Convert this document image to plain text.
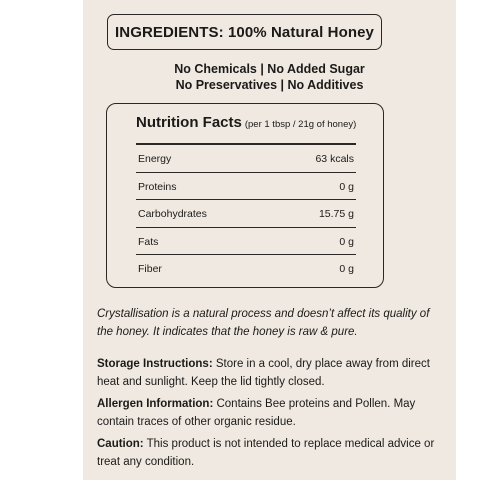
INGREDIENTS: 100% Natural Honey
No Chemicals | No Added Sugar
No Preservatives | No Additives
Nutrition Facts (per 1 tbsp / 21g of honey)
Energy	63 kcals
Proteins	0 g
Carbohydrates	15.75 g
Fats	0 g
Fiber	0 g
Crystallisation is a natural process and doesn’t affect its quality of the honey. It indicates that the honey is raw & pure.
Storage Instructions: Store in a cool, dry place away from direct heat and sunlight. Keep the lid tightly closed.
Allergen Information: Contains Bee proteins and Pollen. May contain traces of other organic residue.
Caution: This product is not intended to replace medical advice or treat any condition.
